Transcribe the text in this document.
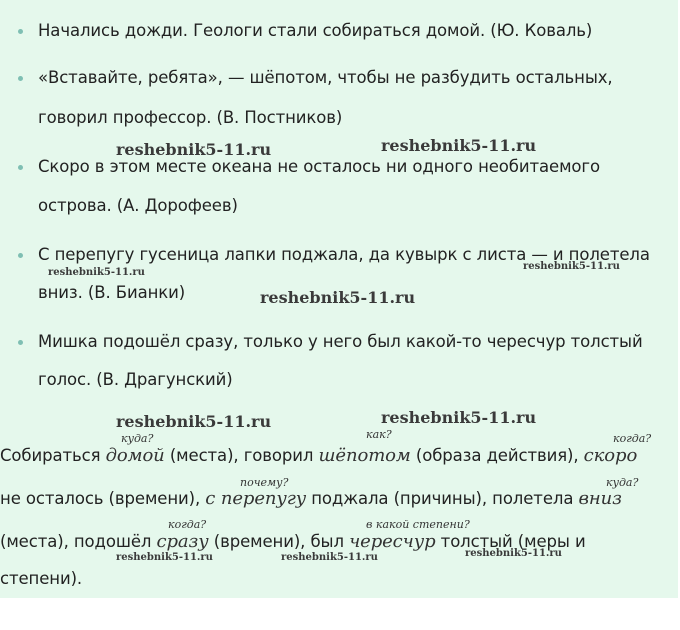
Начались дожди. Геологи стали собираться домой. (Ю. Коваль)
«Вставайте, ребята», — шёпотом, чтобы не разбудить остальных,
говорил профессор. (В. Постников)
Скоро в этом месте океана не осталось ни одного необитаемого
острова. (А. Дорофеев)
С перепугу гусеница лапки поджала, да кувырк с листа — и полетела
вниз. (В. Бианки)
Мишка подошёл сразу, только у него был какой-то чересчур толстый
голос. (В. Драгунский)
Собираться домой (места), говорил шёпотом (образа действия), скоро
куда?	как?	когда?
не осталось (времени), с перепугу поджала (причины), полетела вниз
почему?	куда?
(места), подошёл сразу (времени), был чересчур толстый (меры и
когда?	в какой степени?
степени).
reshebnik5-11.ru	reshebnik5-11.ru
reshebnik5-11.ru
reshebnik5-11.ru
reshebnik5-11.ru
reshebnik5-11.ru	reshebnik5-11.ru
reshebnik5-11.ru	reshebnik5-11.ru	reshebnik5-11.ru
